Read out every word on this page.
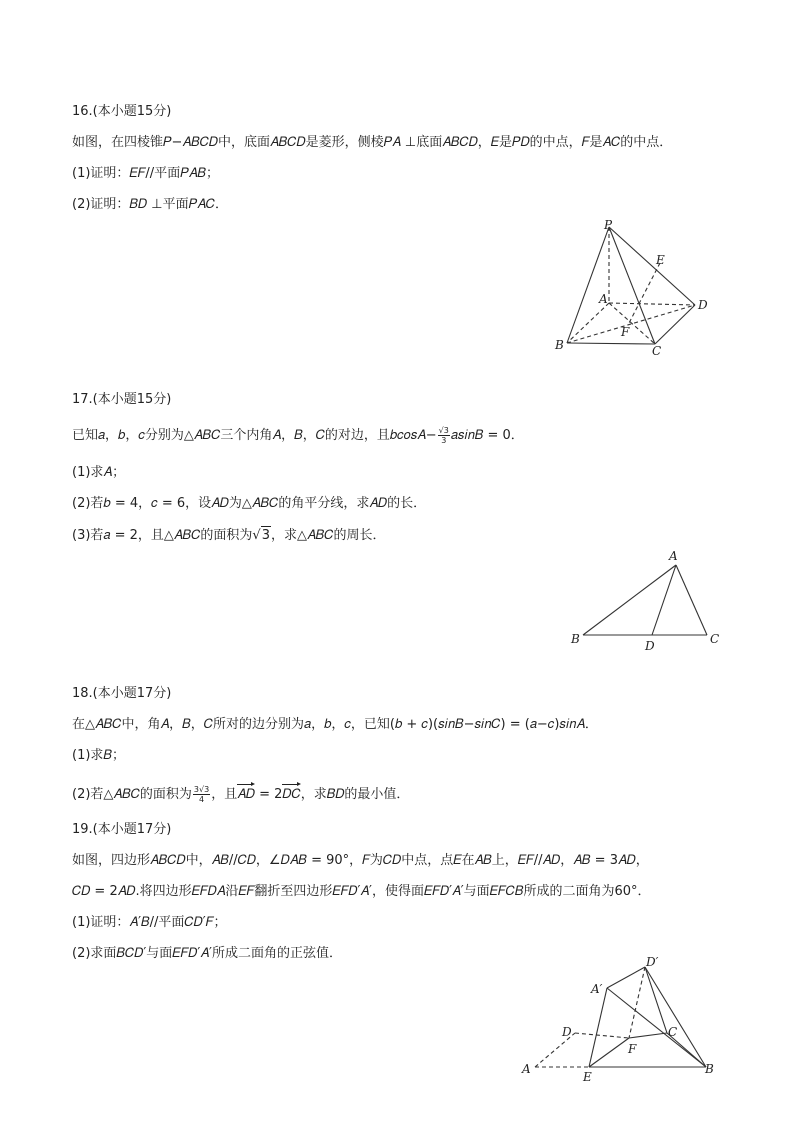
16.(本小题15分)
如图，在四棱锥𝑃−𝐴𝐵𝐶𝐷中，底面𝐴𝐵𝐶𝐷是菱形，侧棱𝑃𝐴 ⊥底面𝐴𝐵𝐶𝐷，𝐸是𝑃𝐷的中点，𝐹是𝐴𝐶的中点．
(1)证明：𝐸𝐹//平面𝑃𝐴𝐵；
(2)证明：𝐵𝐷 ⊥平面𝑃𝐴𝐶．
P
E
A	D
F
B	C
17.(本小题15分)
已知𝑎，𝑏，𝑐分别为△𝐴𝐵𝐶三个内角𝐴，𝐵，𝐶的对边，且𝑏𝑐𝑜𝑠𝐴− $\frac{√3}{3}$ 𝑎𝑠𝑖𝑛𝐵 = 0．
(1)求𝐴；
(2)若𝑏 = 4，𝑐 = 6，设𝐴𝐷为△𝐴𝐵𝐶的角平分线，求𝐴𝐷的长．
(3)若𝑎 = 2，且△𝐴𝐵𝐶的面积为√3，求△𝐴𝐵𝐶的周长．
A
B	D	C
18.(本小题17分)
在△𝐴𝐵𝐶中，角𝐴，𝐵，𝐶所对的边分别为𝑎，𝑏，𝑐，已知(𝑏 + 𝑐)(𝑠𝑖𝑛𝐵−𝑠𝑖𝑛𝐶) = (𝑎−𝑐)𝑠𝑖𝑛𝐴．
(1)求𝐵；
(2)若△𝐴𝐵𝐶的面积为 $\frac{3√3}{4}$ ，且𝐴𝐷 = 2𝐷𝐶，求𝐵𝐷的最小值．
19.(本小题17分)
如图，四边形𝐴𝐵𝐶𝐷中，𝐴𝐵//𝐶𝐷，∠𝐷𝐴𝐵 = 90°，𝐹为𝐶𝐷中点，点𝐸在𝐴𝐵上，𝐸𝐹//𝐴𝐷，𝐴𝐵 = 3𝐴𝐷，
𝐶𝐷 = 2𝐴𝐷.将四边形𝐸𝐹𝐷𝐴沿𝐸𝐹翻折至四边形𝐸𝐹𝐷′𝐴′，使得面𝐸𝐹𝐷′𝐴′与面𝐸𝐹𝐶𝐵所成的二面角为60°．
(1)证明：𝐴′𝐵//平面𝐶𝐷′𝐹；
(2)求面𝐵𝐶𝐷′与面𝐸𝐹𝐷′𝐴′所成二面角的正弦值．
D′
A′
D	C
F
A
E
B
